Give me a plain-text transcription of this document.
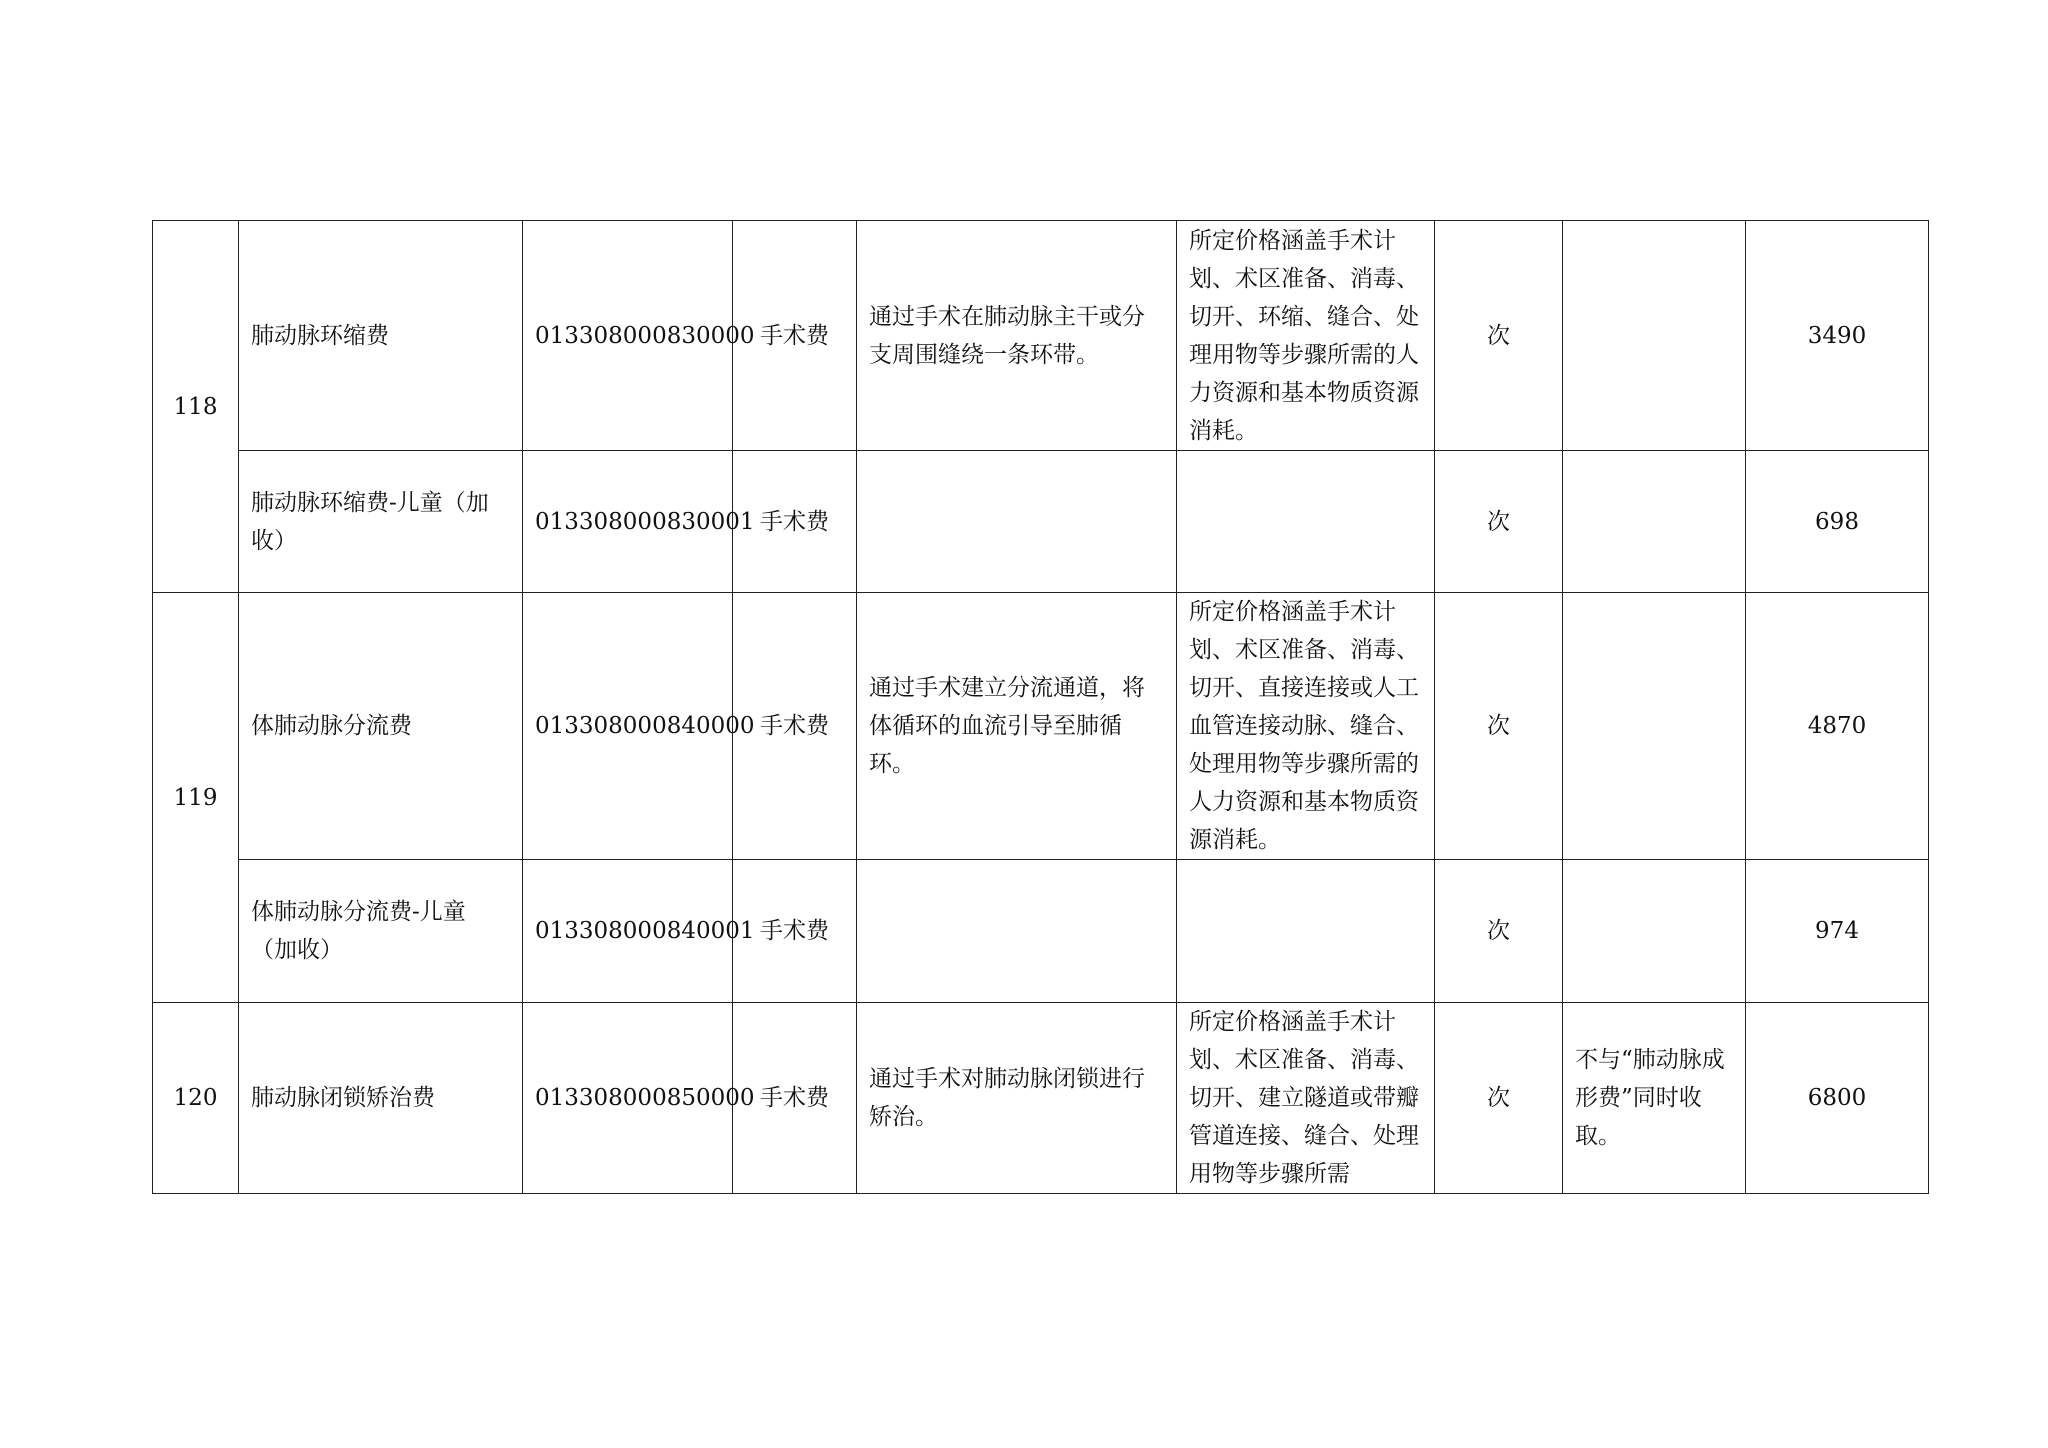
118	肺动脉环缩费	013308000830000	手术费	通过手术在肺动脉主干或分支周围缝绕一条环带。	所定价格涵盖手术计划、术区准备、消毒、切开、环缩、缝合、处理用物等步骤所需的人力资源和基本物质资源消耗。	次		3490
	肺动脉环缩费-儿童（加收）	013308000830001	手术费			次		698
119	体肺动脉分流费	013308000840000	手术费	通过手术建立分流通道，将体循环的血流引导至肺循环。	所定价格涵盖手术计划、术区准备、消毒、切开、直接连接或人工血管连接动脉、缝合、处理用物等步骤所需的人力资源和基本物质资源消耗。	次		4870
	体肺动脉分流费-儿童（加收）	013308000840001	手术费			次		974
120	肺动脉闭锁矫治费	013308000850000	手术费	通过手术对肺动脉闭锁进行矫治。	所定价格涵盖手术计划、术区准备、消毒、切开、建立隧道或带瓣管道连接、缝合、处理用物等步骤所需	次	不与“肺动脉成形费”同时收取。	6800
